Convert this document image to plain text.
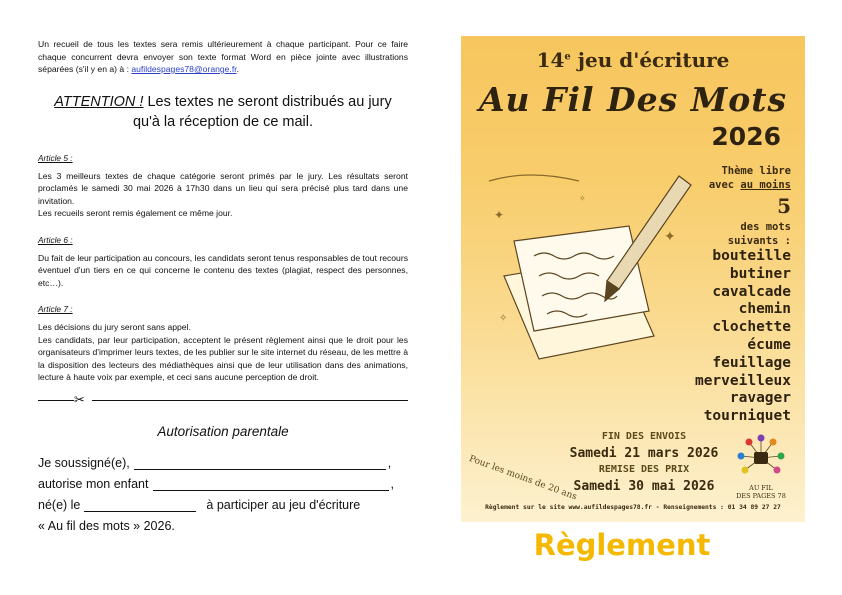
Un recueil de tous les textes sera remis ultérieurement à chaque participant. Pour ce faire chaque concurrent devra envoyer son texte format Word en pièce jointe avec illustrations séparées (s'il y en a) à : aufildespages78@orange.fr.

ATTENTION ! Les textes ne seront distribués au jury
qu'à la réception de ce mail.

Article 5 :

Les 3 meilleurs textes de chaque catégorie seront primés par le jury. Les résultats seront proclamés le samedi 30 mai 2026 à 17h30 dans un lieu qui sera précisé plus tard dans une invitation.

Les recueils seront remis également ce même jour.

Article 6 :

Du fait de leur participation au concours, les candidats seront tenus responsables de tout recours éventuel d'un tiers en ce qui concerne le contenu des textes (plagiat, respect des personnes, etc…).

Article 7 :

Les décisions du jury seront sans appel.

Les candidats, par leur participation, acceptent le présent règlement ainsi que le droit pour les organisateurs d'imprimer leurs textes, de les publier sur le site internet du réseau, de les mettre à la disposition des lecteurs des médiathèques ainsi que de leur utilisation dans des animations, lecture à haute voix par exemple, et ceci sans aucune perception de droit.

✂
Autorisation parentale
Je soussigné(e),	,
autorise mon enfant	,
né(e) le	à participer au jeu d'écriture
« Au fil des mots » 2026.
14e jeu d'écriture
Au Fil Des Mots
2026
✦
✦
✧
✧
Thème libre
avec au moins
5
des mots
suivants :
bouteille
butiner
cavalcade
chemin
clochette
écume
feuillage
merveilleux
ravager
tourniquet
Pour les moins de 20 ans
FIN DES ENVOIS
Samedi 21 mars 2026
REMISE DES PRIX
Samedi 30 mai 2026	AU FIL
DES PAGES 78
Règlement sur le site www.aufildespages78.fr - Renseignements : 01 34 89 27 27
Règlement
